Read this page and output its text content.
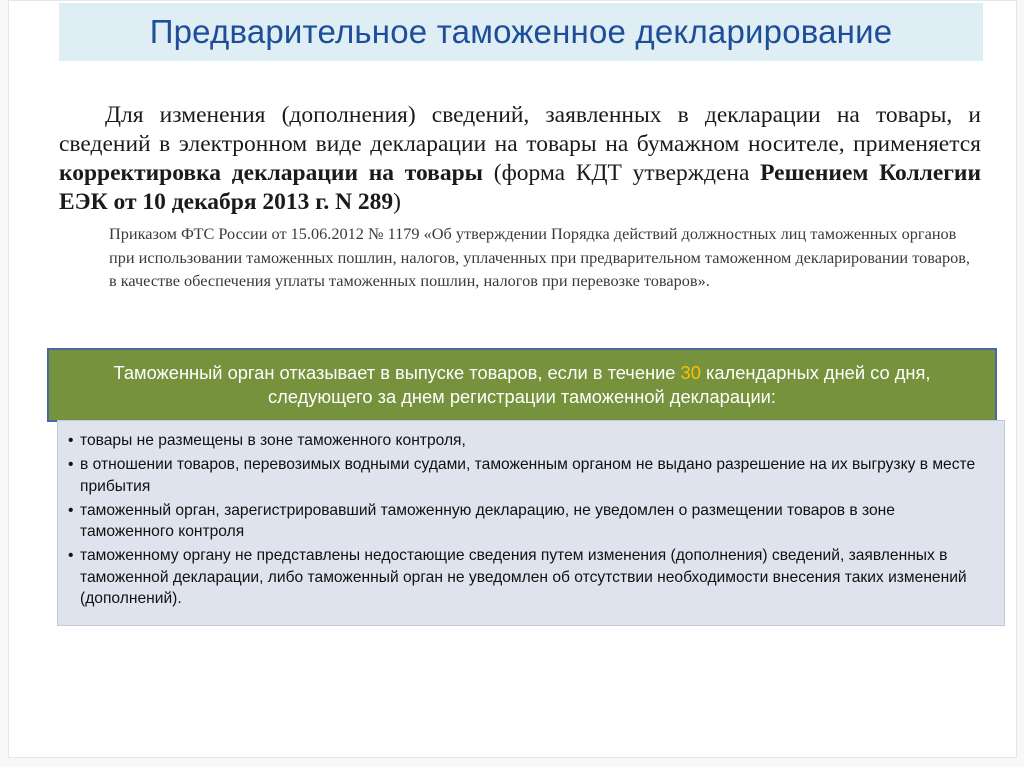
Предварительное таможенное декларирование

Для изменения (дополнения) сведений, заявленных в декларации на товары, и сведений в электронном виде декларации на товары на бумажном носителе, применяется корректировка декларации на товары (форма КДТ утверждена Решением Коллегии ЕЭК от 10 декабря 2013 г. N 289)

Приказом ФТС России от 15.06.2012 № 1179 «Об утверждении Порядка действий должностных лиц таможенных органов при использовании таможенных пошлин, налогов, уплаченных при предварительном таможенном декларировании товаров, в качестве обеспечения уплаты таможенных пошлин, налогов при перевозке товаров».

Таможенный орган отказывает в выпуске товаров, если в течение 30 календарных дней со дня, следующего за днем регистрации таможенной декларации:
• товары не размещены в зоне таможенного контроля,
• в отношении товаров, перевозимых водными судами, таможенным органом не выдано разрешение на их выгрузку в месте прибытия
• таможенный орган, зарегистрировавший таможенную декларацию, не уведомлен о размещении товаров в зоне таможенного контроля
• таможенному органу не представлены недостающие сведения путем изменения (дополнения) сведений, заявленных в таможенной декларации, либо таможенный орган не уведомлен об отсутствии необходимости внесения таких изменений (дополнений).
